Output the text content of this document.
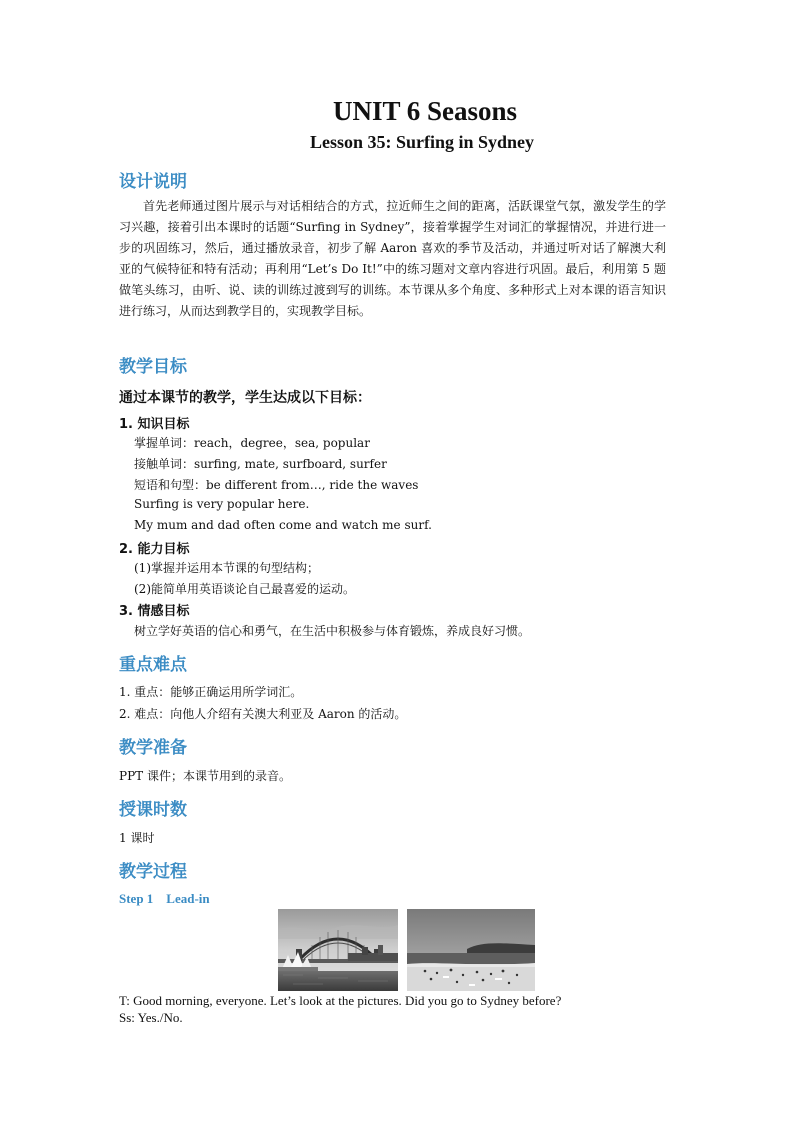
UNIT 6 Seasons
Lesson 35: Surfing in Sydney
设计说明
首先老师通过图片展示与对话相结合的方式，拉近师生之间的距离，活跃课堂气氛，激发学生的学习兴趣，接着引出本课时的话题“Surfing in Sydney”，接着掌握学生对词汇的掌握情况，并进行进一步的巩固练习，然后，通过播放录音，初步了解 Aaron 喜欢的季节及活动，并通过听对话了解澳大利亚的气候特征和特有活动；再利用“Let’s Do It!”中的练习题对文章内容进行巩固。最后，利用第 5 题做笔头练习，由听、说、读的训练过渡到写的训练。本节课从多个角度、多种形式上对本课的语言知识进行练习，从而达到教学目的，实现教学目标。
教学目标
通过本课节的教学，学生达成以下目标：
1. 知识目标
掌握单词：reach，degree，sea, popular
接触单词：surfing, mate, surfboard, surfer
短语和句型：be different from…, ride the waves
Surfing is very popular here.
My mum and dad often come and watch me surf.
2. 能力目标
(1)掌握并运用本节课的句型结构；
(2)能简单用英语谈论自己最喜爱的运动。
3. 情感目标
树立学好英语的信心和勇气，在生活中积极参与体育锻炼，养成良好习惯。
重点难点
1. 重点：能够正确运用所学词汇。
2. 难点：向他人介绍有关澳大利亚及 Aaron 的活动。
教学准备
PPT 课件；本课节用到的录音。
授课时数
1 课时
教学过程
Step 1    Lead-in
T: Good morning, everyone. Let’s look at the pictures. Did you go to Sydney before?
Ss: Yes./No.
